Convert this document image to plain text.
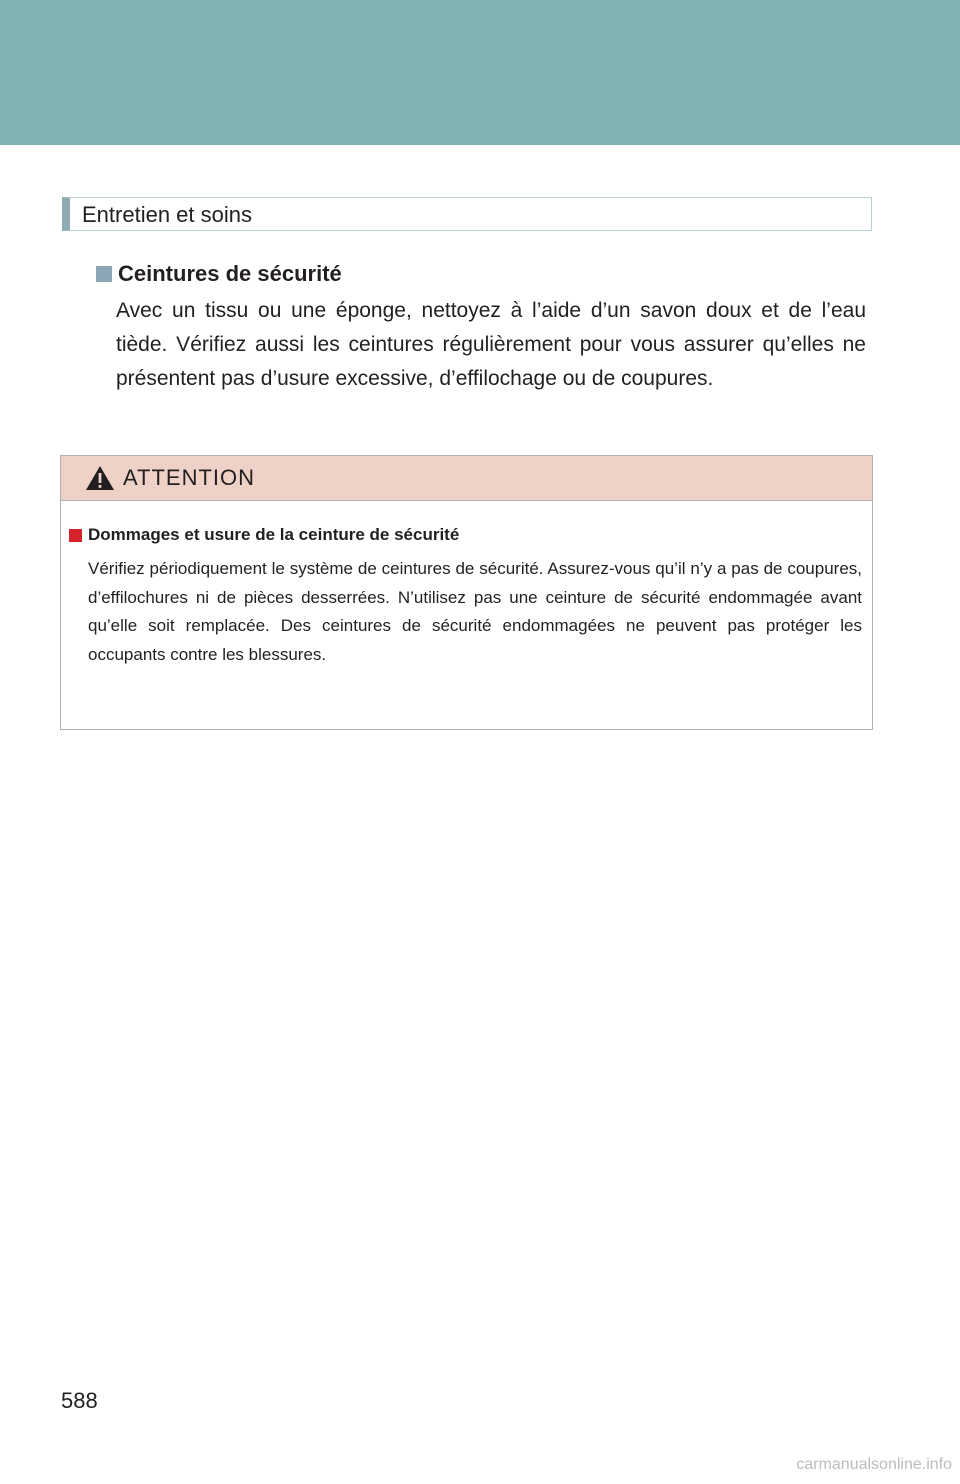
Entretien et soins
Ceintures de sécurité

Avec un tissu ou une éponge, nettoyez à l’aide d’un savon doux et de l’eau tiède. Vérifiez aussi les ceintures régulièrement pour vous assurer qu’elles ne présentent pas d’usure excessive, d’effilochage ou de coupures.

ATTENTION
Dommages et usure de la ceinture de sécurité

Vérifiez périodiquement le système de ceintures de sécurité. Assurez-vous qu’il n’y a pas de coupures, d’effilochures ni de pièces desserrées. N’utilisez pas une ceinture de sécurité endommagée avant qu’elle soit remplacée. Des ceintures de sécurité endommagées ne peuvent pas protéger les occupants contre les blessures.

588
carmanualsonline.info
